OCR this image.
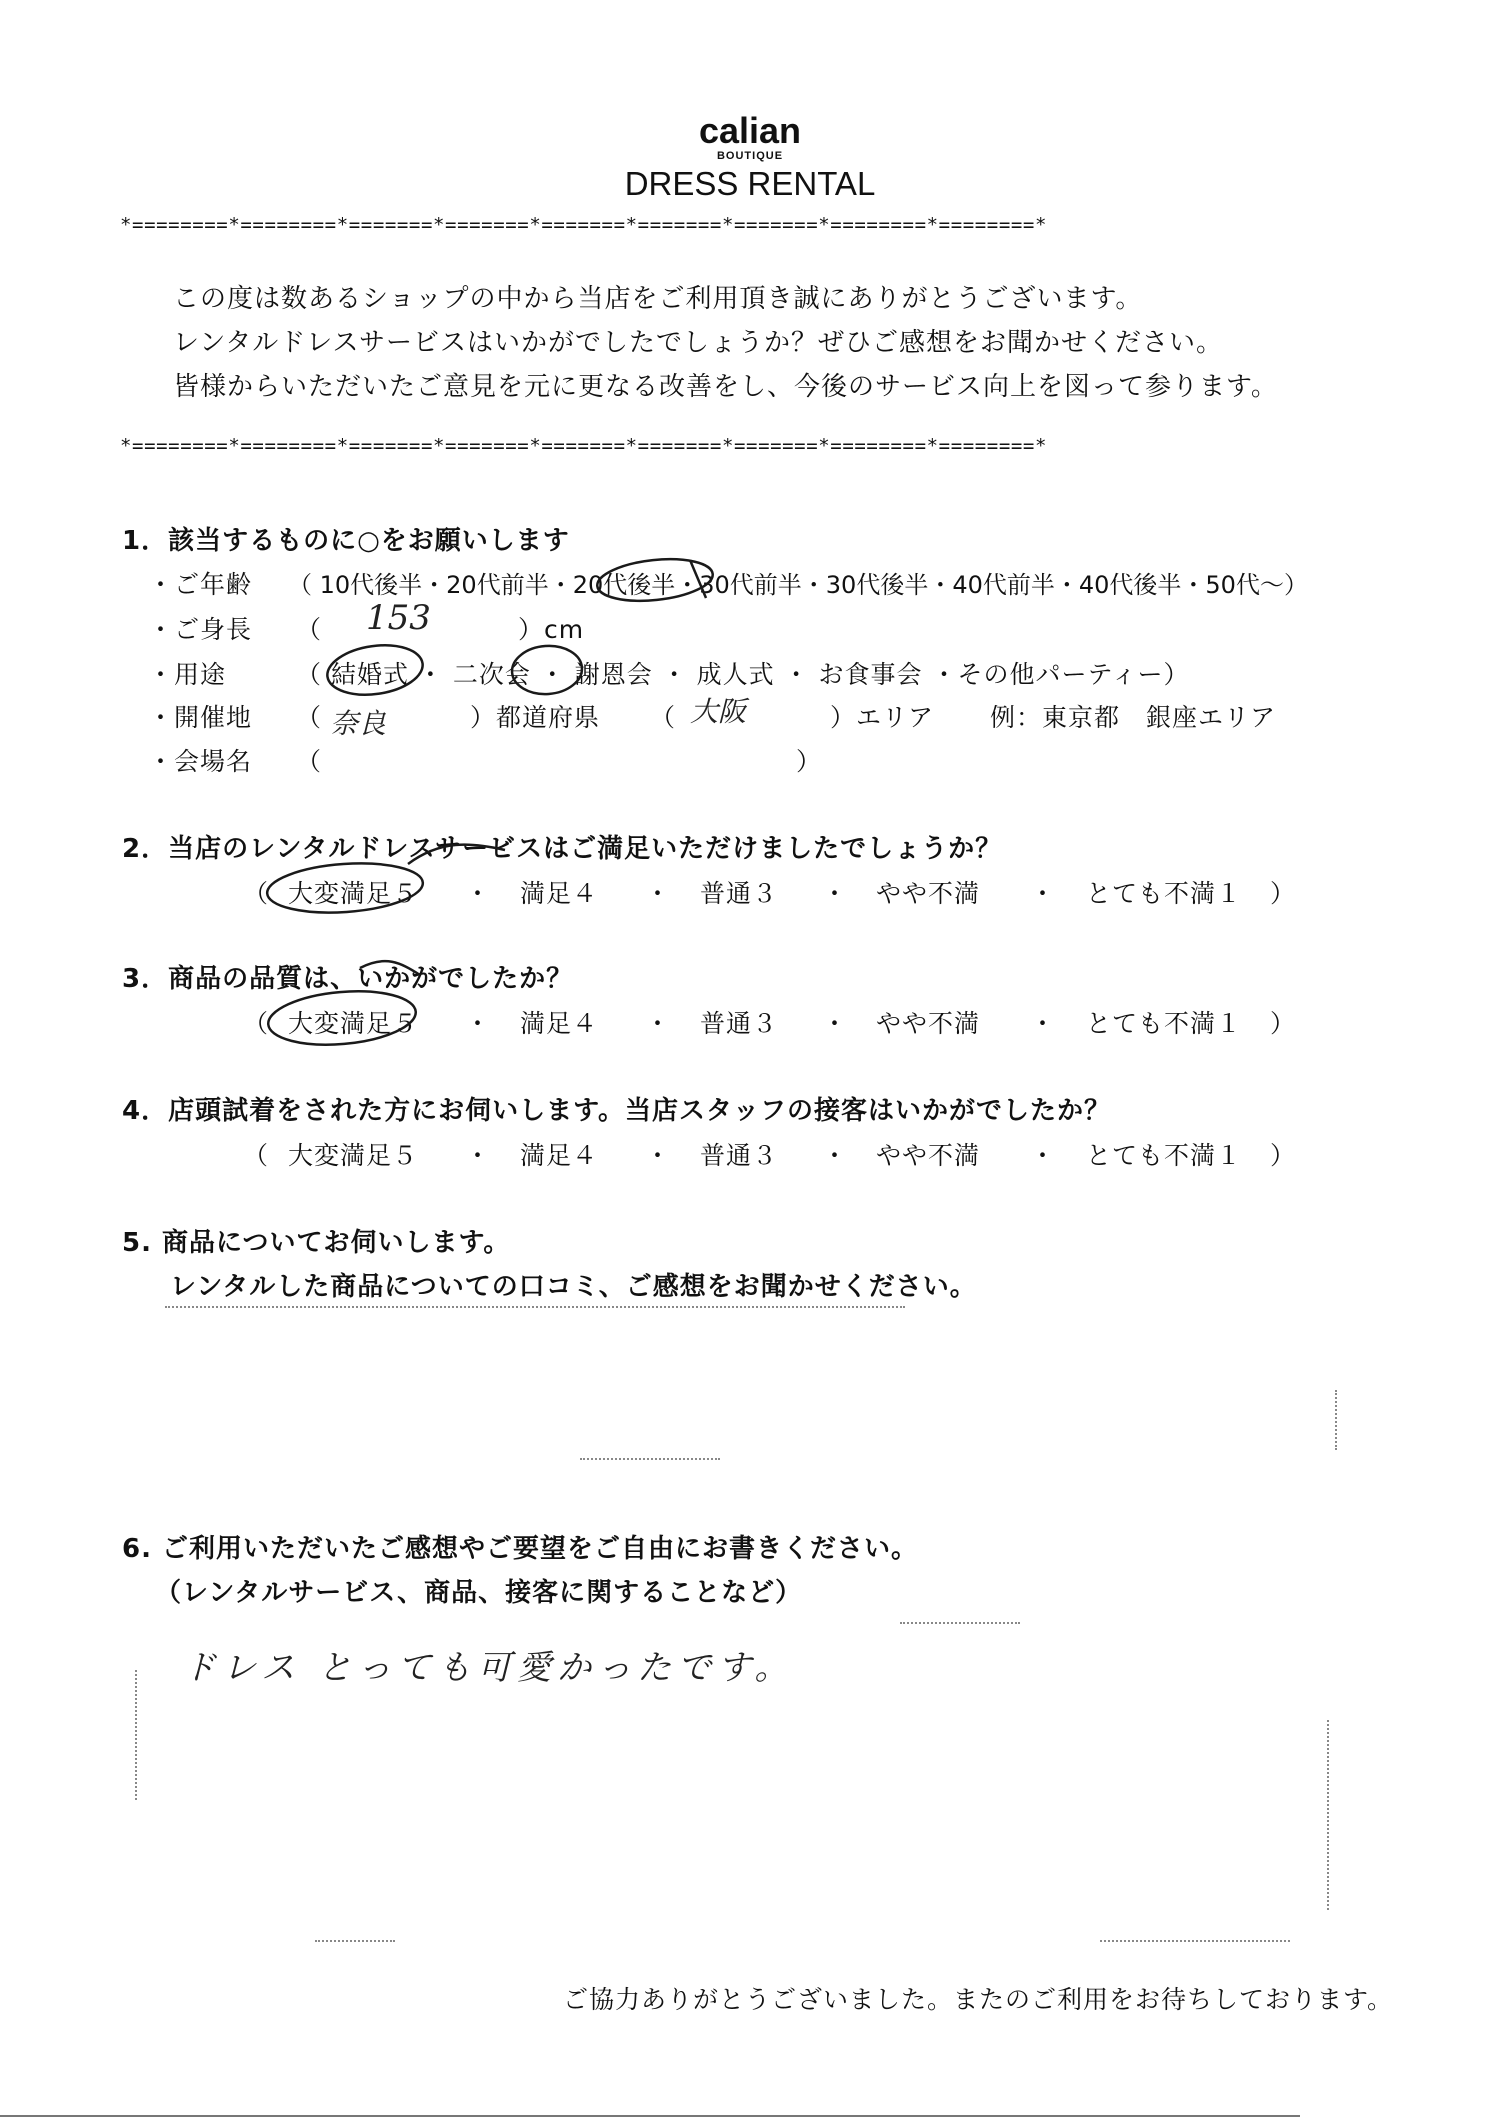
calian
BOUTIQUE
DRESS RENTAL
*========*========*=======*=======*=======*=======*=======*========*========*
この度は数あるショップの中から当店をご利用頂き誠にありがとうございます。
レンタルドレスサービスはいかがでしたでしょうか？ぜひご感想をお聞かせください。
皆様からいただいたご意見を元に更なる改善をし、今後のサービス向上を図って参ります。
*========*========*=======*=======*=======*=======*=======*========*========*
1．該当するものに○をお願いします
・ご年齢 （ 10代後半・20代前半・20代後半・30代前半・30代後半・40代前半・40代後半・50代～）
・ご身長 （ 153	）cm
・用途	（ 結婚式 ・ 二次会 ・ 謝恩会 ・ 成人式 ・ お食事会 ・その他パーティー）
・開催地 （ 奈良	）都道府県 （ 大阪	）エリア 例：東京都　銀座エリア
・会場名 （	）
2．当店のレンタルドレスサービスはご満足いただけましたでしょうか？
（ 大変満足５ ・ 満足４ ・ 普通３ ・ やや不満 ・ とても不満１ ）
3．商品の品質は、いかがでしたか？
（ 大変満足５ ・ 満足４ ・ 普通３ ・ やや不満 ・ とても不満１ ）
4．店頭試着をされた方にお伺いします。当店スタッフの接客はいかがでしたか？
（ 大変満足５ ・ 満足４ ・ 普通３ ・ やや不満 ・ とても不満１ ）
5. 商品についてお伺いします。
レンタルした商品についての口コミ、ご感想をお聞かせください。
6. ご利用いただいたご感想やご要望をご自由にお書きください。
（レンタルサービス、商品、接客に関することなど）
ドレス とっても可愛かったです。
ご協力ありがとうございました。またのご利用をお待ちしております。
